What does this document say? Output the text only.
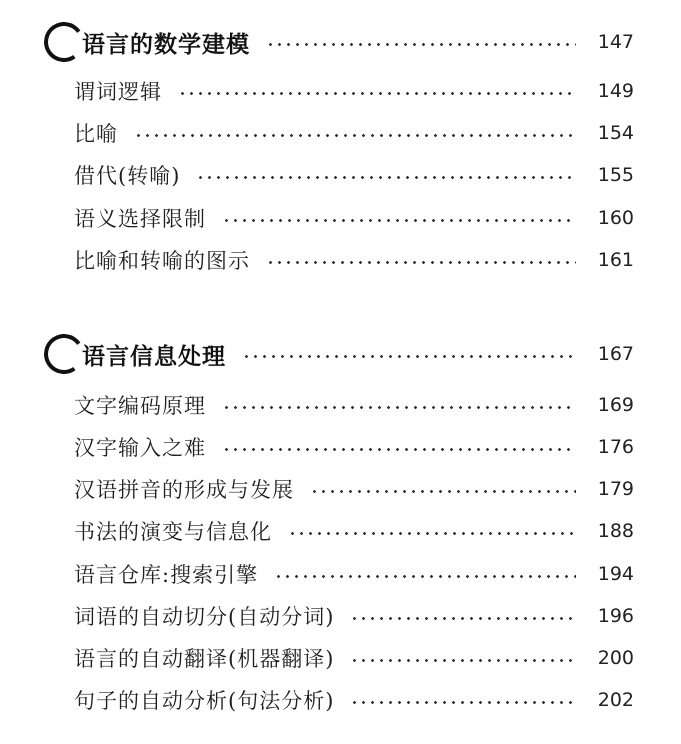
语言的数学建模	147
谓词逻辑	149
比喻	154
借代(转喻)	155
语义选择限制	160
比喻和转喻的图示	161
语言信息处理	167
文字编码原理	169
汉字输入之难	176
汉语拼音的形成与发展	179
书法的演变与信息化	188
语言仓库:搜索引擎	194
词语的自动切分(自动分词)	196
语言的自动翻译(机器翻译)	200
句子的自动分析(句法分析)	202
